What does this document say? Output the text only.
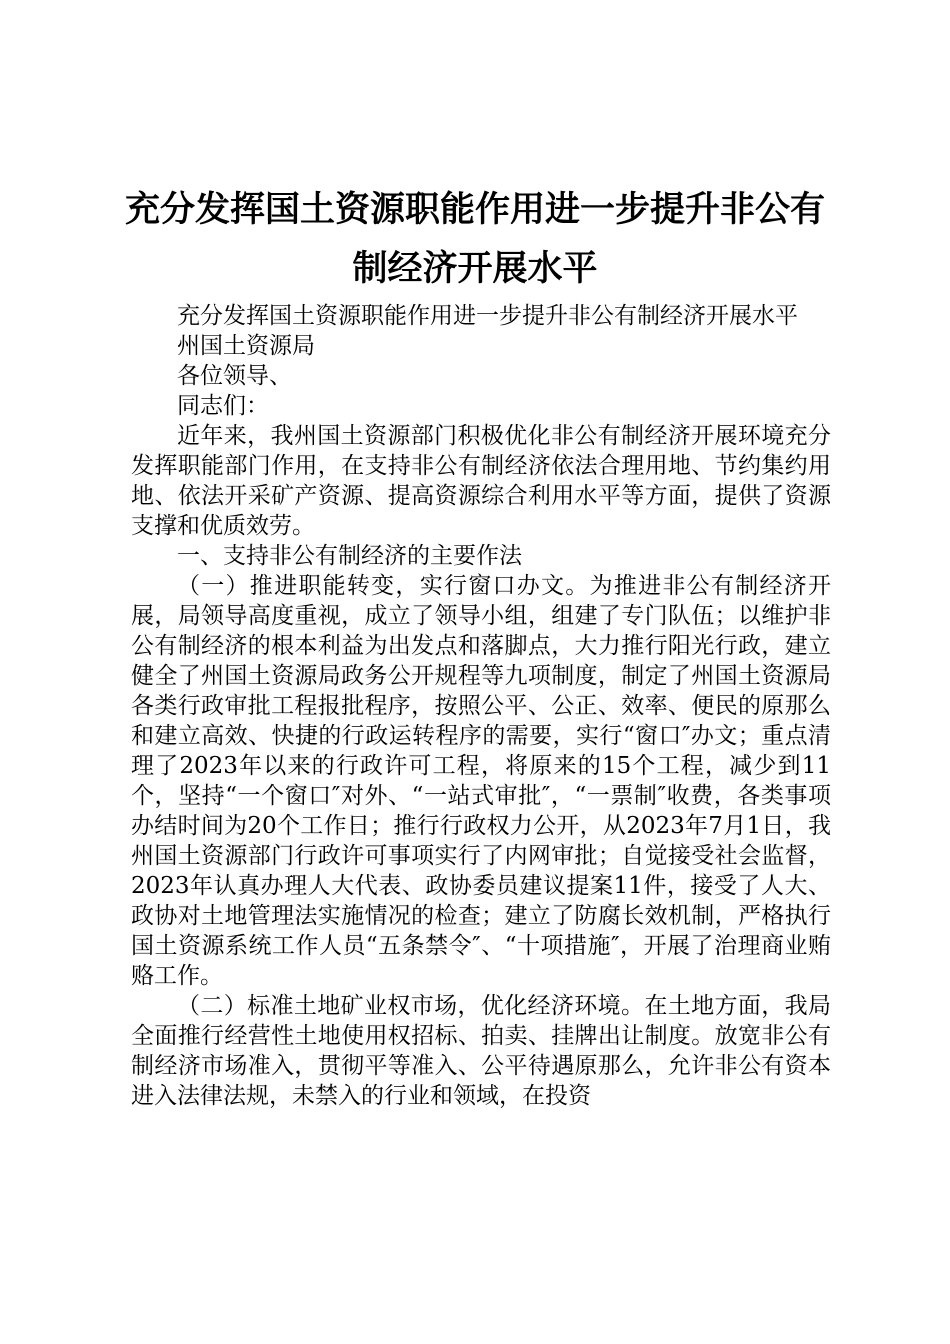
充分发挥国土资源职能作用进一步提升非公有
制经济开展水平

充分发挥国土资源职能作用进一步提升非公有制经济开展水平

州国土资源局

各位领导、

同志们：

近年来，我州国土资源部门积极优化非公有制经济开展环境充分发挥职能部门作用，在支持非公有制经济依法合理用地、节约集约用地、依法开采矿产资源、提高资源综合利用水平等方面，提供了资源支撑和优质效劳。

一、支持非公有制经济的主要作法

（一）推进职能转变，实行窗口办文。为推进非公有制经济开展，局领导高度重视，成立了领导小组，组建了专门队伍；以维护非公有制经济的根本利益为出发点和落脚点，大力推行阳光行政，建立健全了州国土资源局政务公开规程等九项制度，制定了州国土资源局各类行政审批工程报批程序，按照公平、公正、效率、便民的原那么和建立高效、快捷的行政运转程序的需要，实行“窗口″办文；重点清理了2023年以来的行政许可工程，将原来的15个工程，减少到11个，坚持“一个窗口″对外、“一站式审批″，“一票制″收费，各类事项办结时间为20个工作日；推行行政权力公开，从2023年7月1日，我州国土资源部门行政许可事项实行了内网审批；自觉接受社会监督，2023年认真办理人大代表、政协委员建议提案11件，接受了人大、政协对土地管理法实施情况的检查；建立了防腐长效机制，严格执行国土资源系统工作人员“五条禁令″、“十项措施″，开展了治理商业贿赂工作。

（二）标准土地矿业权市场，优化经济环境。在土地方面，我局全面推行经营性土地使用权招标、拍卖、挂牌出让制度。放宽非公有制经济市场准入，贯彻平等准入、公平待遇原那么，允许非公有资本进入法律法规，未禁入的行业和领域，在投资
